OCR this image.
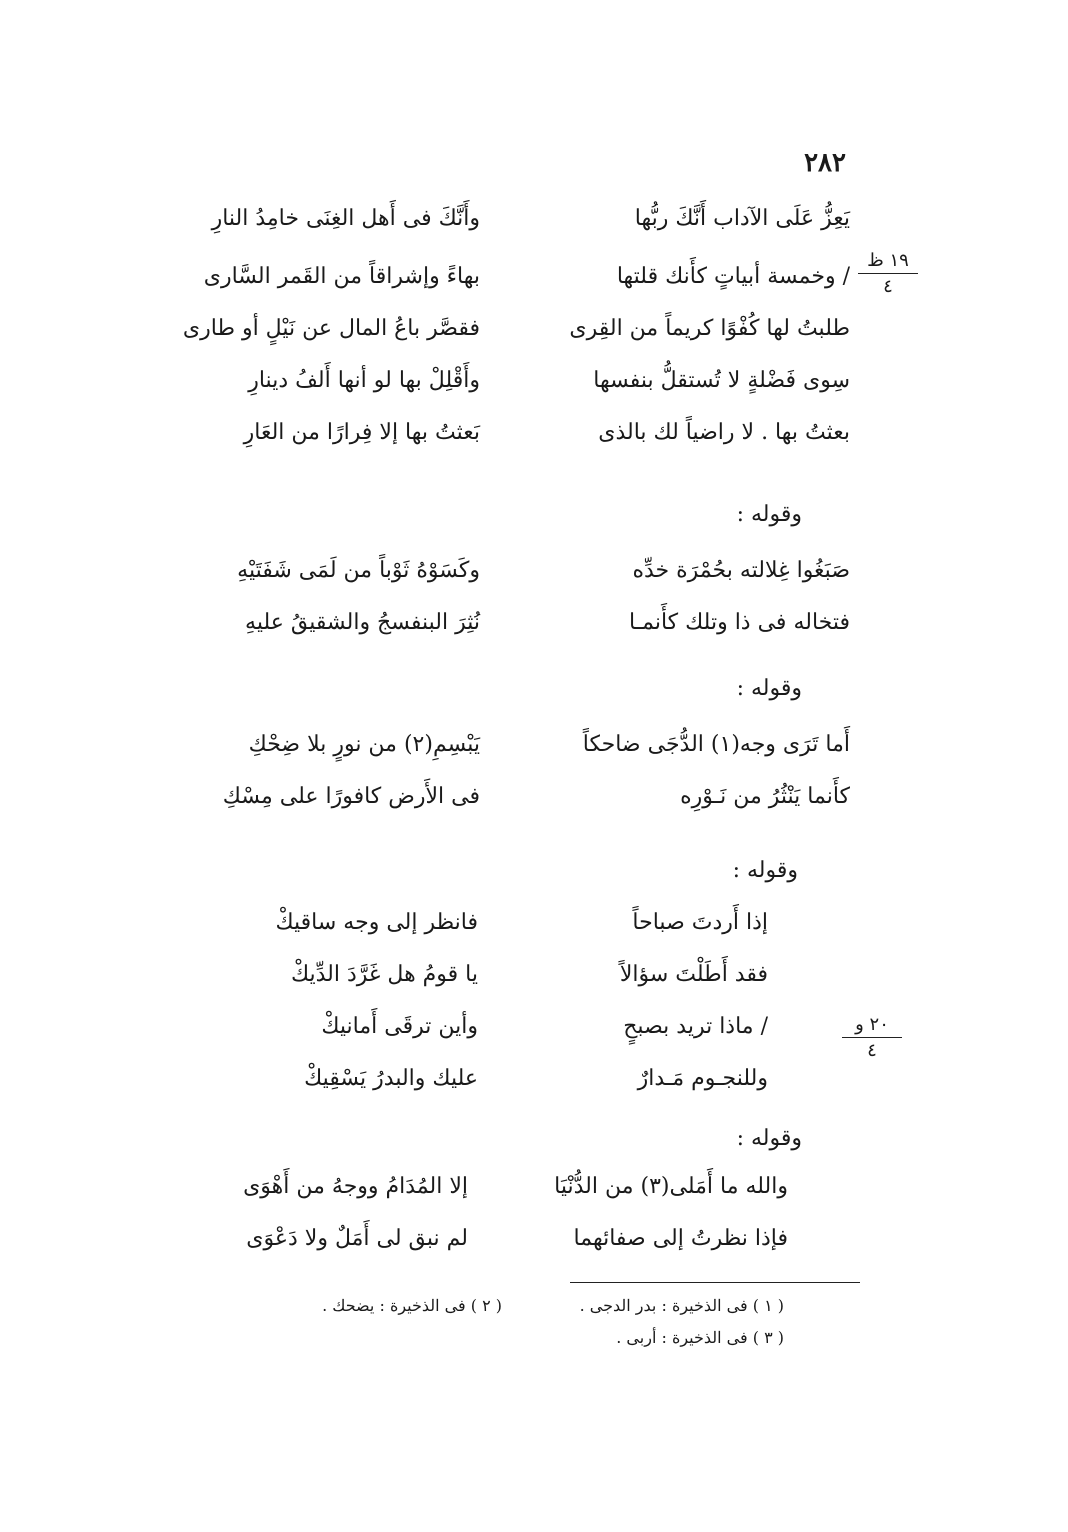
٢٨٢
١٩ ظ
٤
٢٠ و
٤
يَعِزُّ عَلَى الآداب أَنَّكَ ربُّها
وأَنَّكَ فى أَهل الغِنَى خامِدُ النارِ
/ وخمسة أبياتٍ كأَنك قلتها
بهاءً وإشراقاً من القَمر السَّارى
طلبتُ لها كُفْوًا كريماً من القِرى
فقصَّر باعُ المال عن نَيْلٍ أو طارى
سِوى فَضْلةٍ لا تُستقلُّ بنفسها
وأَقْلِلْ بها لو أنها أَلفُ دينارِ
بعثتُ بها . لا راضياً لك بالذى
بَعثتُ بها إلا فِرارًا من العَارِ
وقوله :
صَبَغُوا غِلالته بحُمْرَة خدِّه
وكَسَوْهُ ثَوْباً من لَمَى شَفَتَيْهِ
فتخاله فى ذا وتلك كأَنمـا
نُثِرَ البنفسجُ والشقيقُ عليهِ
وقوله :
أَما تَرَى وجه(١) الدُّجَى ضاحكاً
يَبْسِمِ(٢) من نورٍ بلا ضِحْكِ
كأَنما يَنْثُرُ من نَـوْرِه
فى الأَرض كافورًا على مِسْكِ
وقوله :
إذا أَردتَ صباحاً
فانظر إلى وجه ساقيكْ
فقد أَطَلْتَ سؤالاً
يا قومُ هل غَرَّدَ الدِّيكْ
/ ماذا تريد بصبحٍ
وأين ترقَى أَمانيكْ
وللنجـوم مَـدارٌ
عليك والبدرُ يَسْقِيكْ
وقوله :
والله ما أَمَلى(٣) من الدُّنْيَا
إلا المُدَامُ ووجهُ من أَهْوَى
فإذا نظرتُ إلى صفائهما
لم نبق لى أَمَلٌ ولا دَعْوَى
( ١ ) فى الذخيرة : بدر الدجى .
( ٢ ) فى الذخيرة : يضحك .
( ٣ ) فى الذخيرة : أربى .
